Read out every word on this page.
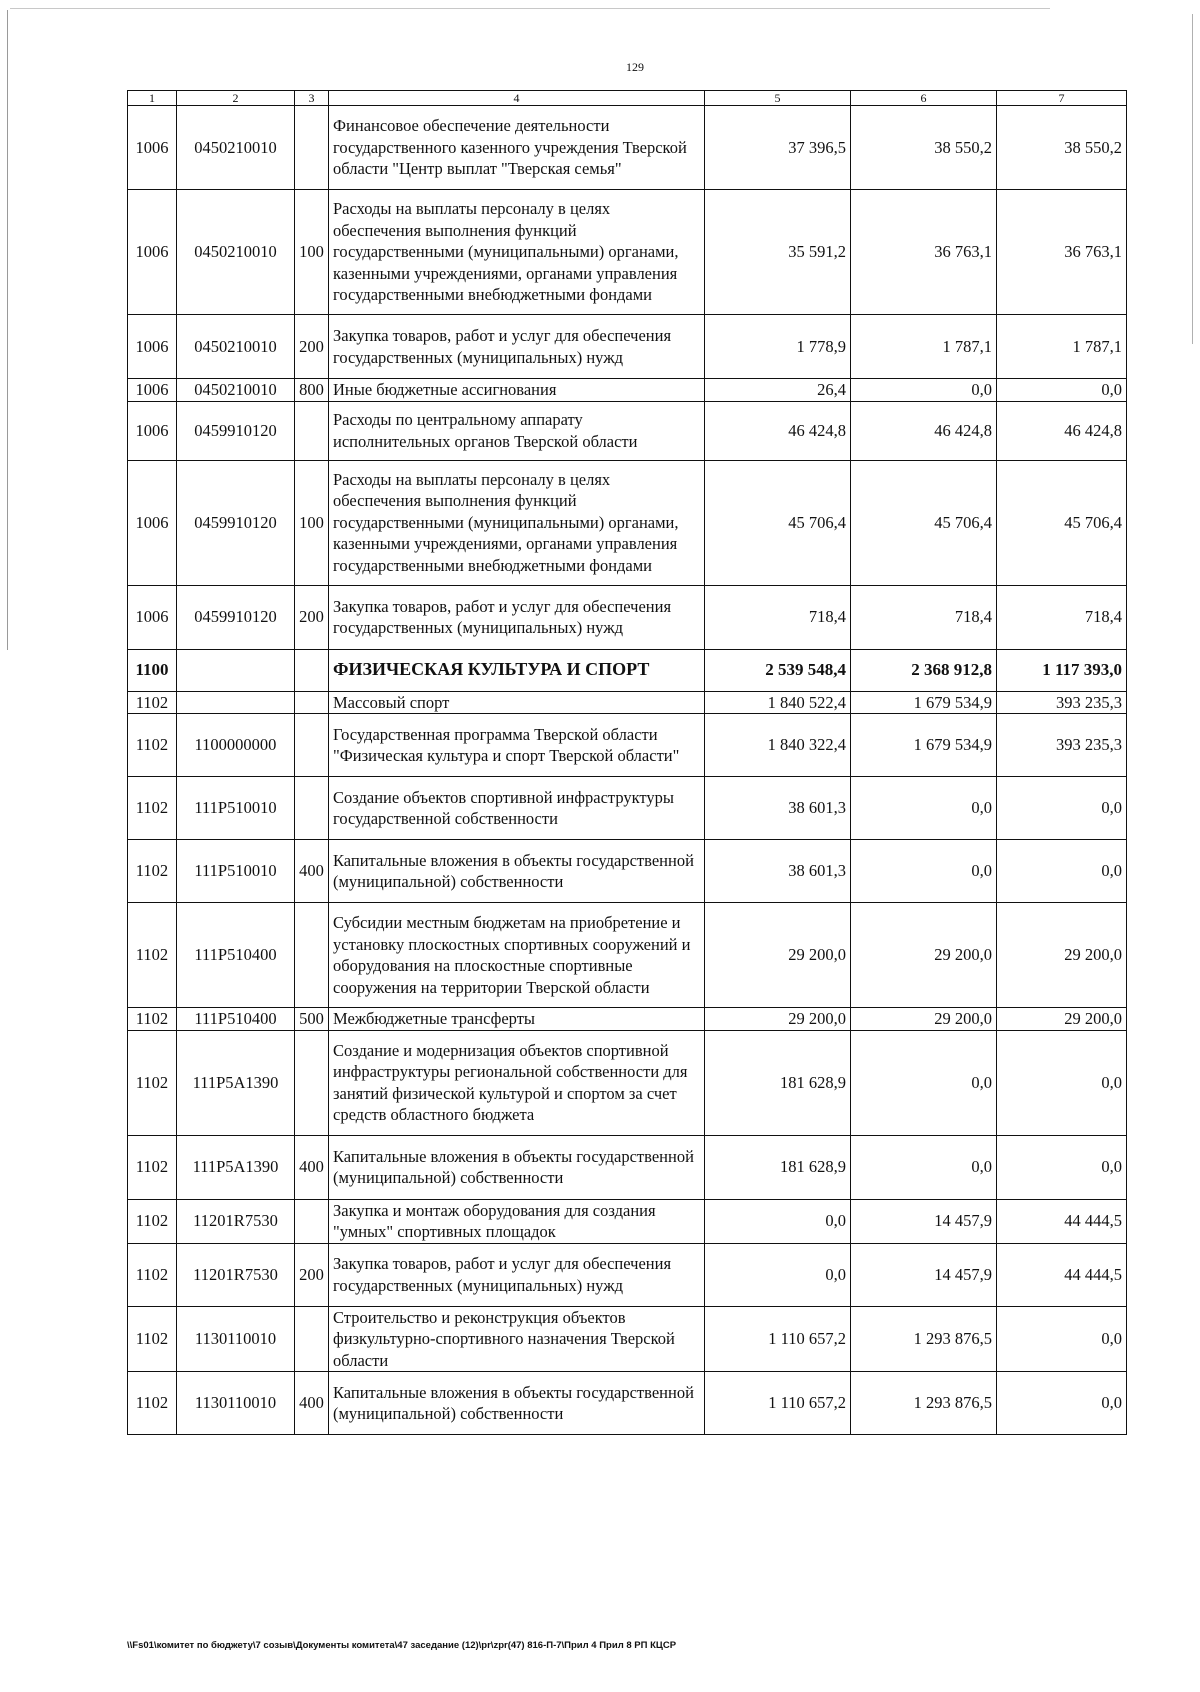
129
1	2	3	4	5	6	7
1006	0450210010		Финансовое обеспечение деятельности государственного казенного учреждения Тверской области "Центр выплат "Тверская семья"	37 396,5	38 550,2	38 550,2
1006	0450210010	100	Расходы на выплаты персоналу в целях обеспечения выполнения функций государственными (муниципальными) органами, казенными учреждениями, органами управления государственными внебюджетными фондами	35 591,2	36 763,1	36 763,1
1006	0450210010	200	Закупка товаров, работ и услуг для обеспечения государственных (муниципальных) нужд	1 778,9	1 787,1	1 787,1
1006	0450210010	800	Иные бюджетные ассигнования	26,4	0,0	0,0
1006	0459910120		Расходы по центральному аппарату исполнительных органов Тверской области	46 424,8	46 424,8	46 424,8
1006	0459910120	100	Расходы на выплаты персоналу в целях обеспечения выполнения функций государственными (муниципальными) органами, казенными учреждениями, органами управления государственными внебюджетными фондами	45 706,4	45 706,4	45 706,4
1006	0459910120	200	Закупка товаров, работ и услуг для обеспечения государственных (муниципальных) нужд	718,4	718,4	718,4
1100			ФИЗИЧЕСКАЯ КУЛЬТУРА И СПОРТ	2 539 548,4	2 368 912,8	1 117 393,0
1102			Массовый спорт	1 840 522,4	1 679 534,9	393 235,3
1102	1100000000		Государственная программа Тверской области "Физическая культура и спорт Тверской области"	1 840 322,4	1 679 534,9	393 235,3
1102	111P510010		Создание объектов спортивной инфраструктуры государственной собственности	38 601,3	0,0	0,0
1102	111P510010	400	Капитальные вложения в объекты государственной (муниципальной) собственности	38 601,3	0,0	0,0
1102	111P510400		Субсидии местным бюджетам на приобретение и установку плоскостных спортивных сооружений и оборудования на плоскостные спортивные сооружения на территории Тверской области	29 200,0	29 200,0	29 200,0
1102	111P510400	500	Межбюджетные трансферты	29 200,0	29 200,0	29 200,0
1102	111P5A1390		Создание и модернизация объектов спортивной инфраструктуры региональной собственности для занятий физической культурой и спортом за счет средств областного бюджета	181 628,9	0,0	0,0
1102	111P5A1390	400	Капитальные вложения в объекты государственной (муниципальной) собственности	181 628,9	0,0	0,0
1102	11201R7530		Закупка и монтаж оборудования для создания "умных" спортивных площадок	0,0	14 457,9	44 444,5
1102	11201R7530	200	Закупка товаров, работ и услуг для обеспечения государственных (муниципальных) нужд	0,0	14 457,9	44 444,5
1102	1130110010		Строительство и реконструкция объектов физкультурно-спортивного назначения Тверской области	1 110 657,2	1 293 876,5	0,0
1102	1130110010	400	Капитальные вложения в объекты государственной (муниципальной) собственности	1 110 657,2	1 293 876,5	0,0
\\Fs01\комитет по бюджету\7 созыв\Документы комитета\47 заседание (12)\pr\zpr(47) 816-П-7\Прил 4 Прил 8 РП КЦСР
